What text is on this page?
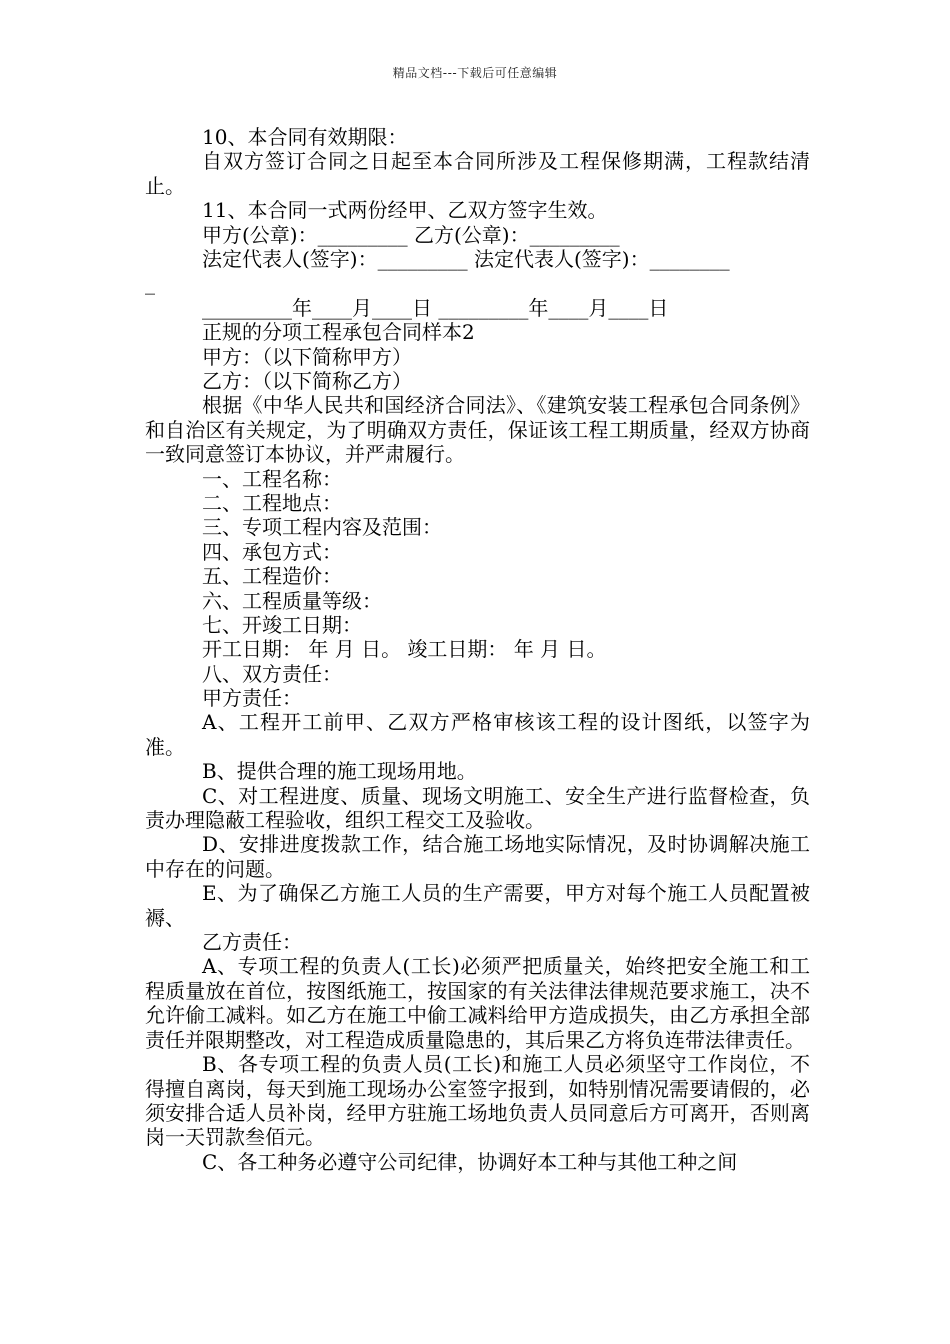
精品文档---下载后可任意编辑
10、本合同有效期限：

自双方签订合同之日起至本合同所涉及工程保修期满，工程款结清止。

11、本合同一式两份经甲、乙双方签字生效。
甲方(公章)：_________ 乙方(公章)：_________
法定代表人(签字)：_________ 法定代表人(签字)：________
_
_________年____月____日 _________年____月____日
正规的分项工程承包合同样本2
甲方：（以下简称甲方）
乙方：（以下简称乙方）

根据《中华人民共和国经济合同法》、《建筑安装工程承包合同条例》和自治区有关规定，为了明确双方责任，保证该工程工期质量，经双方协商一致同意签订本协议，并严肃履行。

一、工程名称：
二、工程地点：
三、专项工程内容及范围：
四、承包方式：
五、工程造价：
六、工程质量等级：
七、开竣工日期：
开工日期： 年 月 日。 竣工日期： 年 月 日。
八、双方责任：
甲方责任：

A、工程开工前甲、乙双方严格审核该工程的设计图纸，以签字为准。

B、提供合理的施工现场用地。

C、对工程进度、质量、现场文明施工、安全生产进行监督检查，负责办理隐蔽工程验收，组织工程交工及验收。

D、安排进度拨款工作，结合施工场地实际情况，及时协调解决施工中存在的问题。

E、为了确保乙方施工人员的生产需要，甲方对每个施工人员配置被褥、

乙方责任：

A、专项工程的负责人(工长)必须严把质量关，始终把安全施工和工程质量放在首位，按图纸施工，按国家的有关法律法律规范要求施工，决不允许偷工减料。如乙方在施工中偷工减料给甲方造成损失，由乙方承担全部责任并限期整改，对工程造成质量隐患的，其后果乙方将负连带法律责任。

B、各专项工程的负责人员(工长)和施工人员必须坚守工作岗位，不得擅自离岗，每天到施工现场办公室签字报到，如特别情况需要请假的，必须安排合适人员补岗，经甲方驻施工场地负责人员同意后方可离开，否则离岗一天罚款叁佰元。

C、各工种务必遵守公司纪律，协调好本工种与其他工种之间
